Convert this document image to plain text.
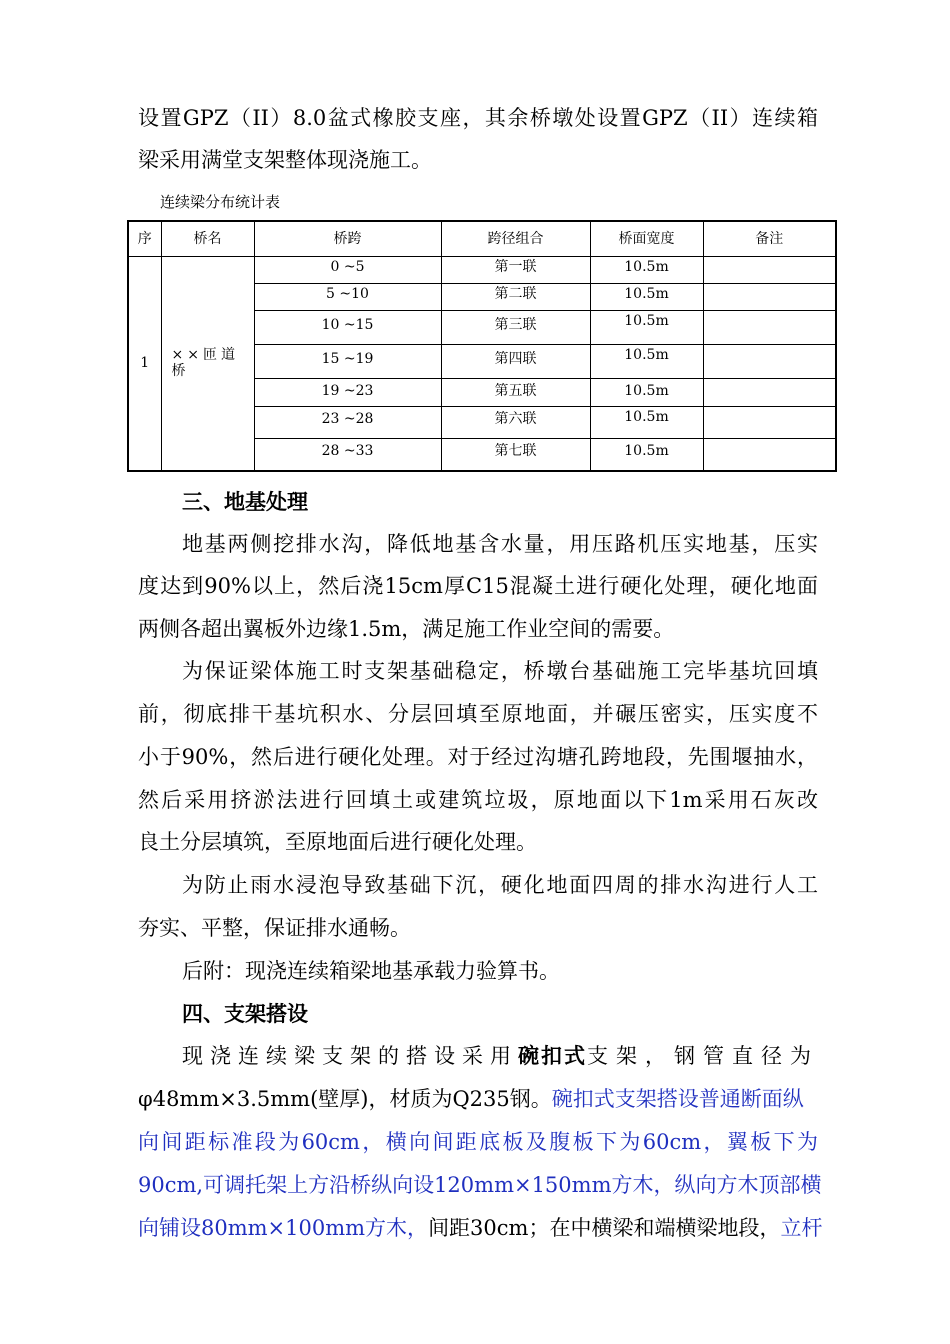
设置GPZ（II）8.0盆式橡胶支座，其余桥墩处设置GPZ（II）连续箱
梁采用满堂支架整体现浇施工。
连续梁分布统计表
序	桥名	桥跨	跨径组合	桥面宽度	备注
1	××匝道桥	0 ~5	第一联	10.5m	
		5 ~10	第二联	10.5m	
		10 ~15	第三联	10.5m	
		15 ~19	第四联	10.5m	
		19 ~23	第五联	10.5m	
		23 ~28	第六联	10.5m	
		28 ~33	第七联	10.5m	
三、地基处理
地基两侧挖排水沟，降低地基含水量，用压路机压实地基，压实
度达到90%以上，然后浇15cm厚C15混凝土进行硬化处理，硬化地面
两侧各超出翼板外边缘1.5m，满足施工作业空间的需要。
为保证梁体施工时支架基础稳定，桥墩台基础施工完毕基坑回填
前，彻底排干基坑积水、分层回填至原地面，并碾压密实，压实度不
小于90%，然后进行硬化处理。对于经过沟塘孔跨地段，先围堰抽水，
然后采用挤淤法进行回填土或建筑垃圾，原地面以下1m采用石灰改
良土分层填筑，至原地面后进行硬化处理。
为防止雨水浸泡导致基础下沉，硬化地面四周的排水沟进行人工
夯实、平整，保证排水通畅。
后附：现浇连续箱梁地基承载力验算书。
四、支架搭设
现浇连续梁支架的搭设采用 碗扣式 支架，钢管直径为
φ48mm×3.5mm(壁厚)，材质为Q235钢。碗扣式支架搭设普通断面纵
向间距标准段为60cm，横向间距底板及腹板下为60cm，翼板下为
90cm,可调托架上方沿桥纵向设120mm×150mm方木，纵向方木顶部横
向铺设80mm×100mm方木， 间距30cm；在中横梁和端横梁地段， 立杆
